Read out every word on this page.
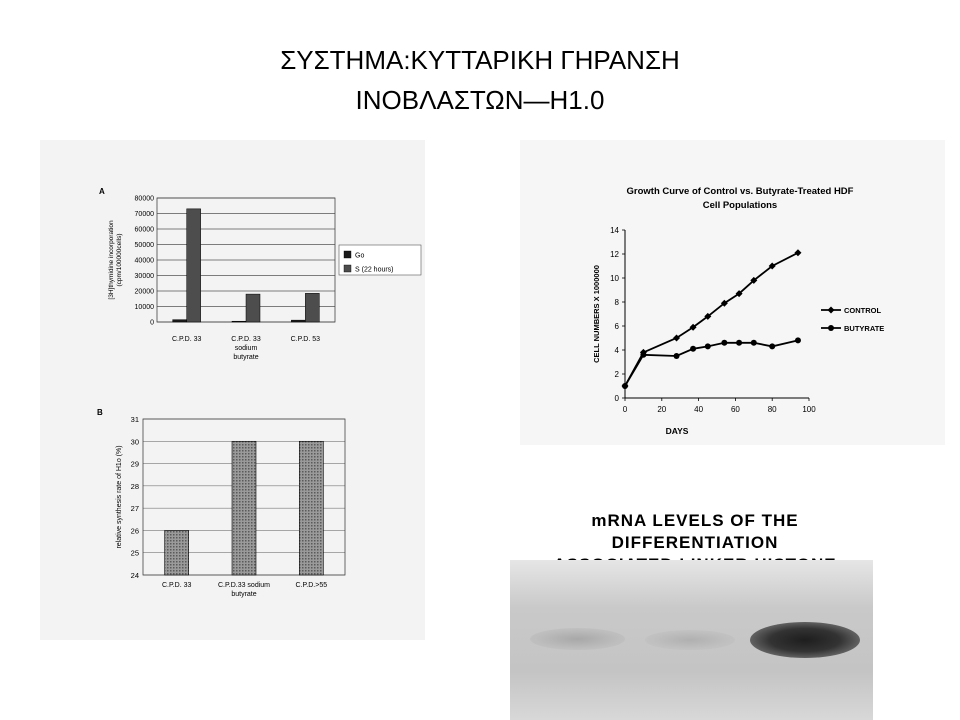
ΣΥΣΤΗΜΑ:ΚΥΤΤΑΡΙΚΗ ΓΗΡΑΝΣΗ
ΙΝΟΒΛΑΣΤΩΝ—Η1.0
A
0
10000
20000
30000
40000
50000
60000
70000
80000
[3H]thymidine incorporation(cpm/100000cells)
C.P.D. 33	C.P.D. 33
sodium
butyrate
C.P.D. 53
Go
S (22 hours)
B
24
25
26
27
28
29
30
31
relative synthesis rate of H1o (%)
C.P.D. 33	C.P.D.33 sodium
butyrate
C.P.D.>55
Growth Curve of Control vs. Butyrate-Treated HDF
Cell Populations
0
2
4
6
8
10
12
14
0	20	40	60	80	100
DAYS
CELL NUMBERS X 1000000	CONTROL
BUTYRATE
mRNA LEVELS OF THE
DIFFERENTIATION
